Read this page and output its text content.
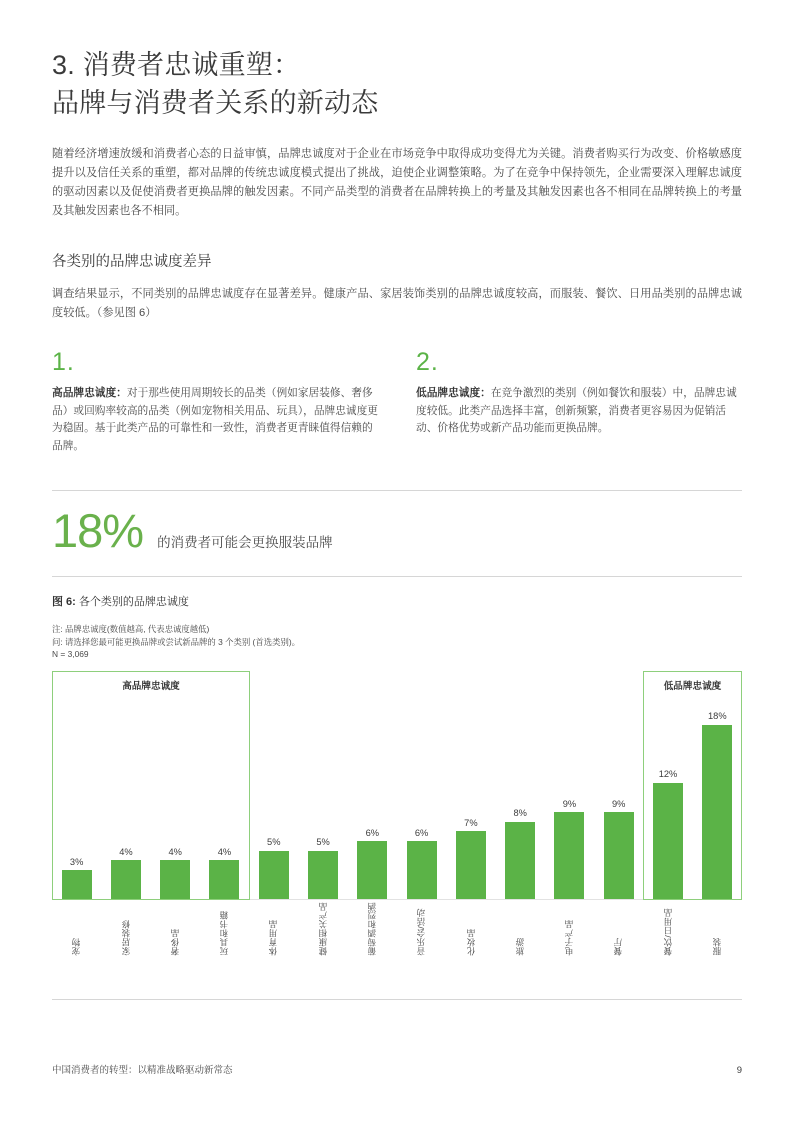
3. 消费者忠诚重塑：
品牌与消费者关系的新动态

随着经济增速放缓和消费者心态的日益审慎，品牌忠诚度对于企业在市场竞争中取得成功变得尤为关键。消费者购买行为改变、价格敏感度提升以及信任关系的重塑，都对品牌的传统忠诚度模式提出了挑战，迫使企业调整策略。为了在竞争中保持领先，企业需要深入理解忠诚度的驱动因素以及促使消费者更换品牌的触发因素。不同产品类型的消费者在品牌转换上的考量及其触发因素也各不相同在品牌转换上的考量及其触发因素也各不相同。

各类别的品牌忠诚度差异

调查结果显示，不同类别的品牌忠诚度存在显著差异。健康产品、家居装饰类别的品牌忠诚度较高，而服装、餐饮、日用品类别的品牌忠诚度较低。（参见图 6）

1.
高品牌忠诚度：对于那些使用周期较长的品类（例如家居装修、奢侈品）或回购率较高的品类（例如宠物相关用品、玩具），品牌忠诚度更为稳固。基于此类产品的可靠性和一致性，消费者更青睐值得信赖的品牌。
2.
低品牌忠诚度：在竞争激烈的类别（例如餐饮和服装）中，品牌忠诚度较低。此类产品选择丰富，创新频繁，消费者更容易因为促销活动、价格优势或新产品功能而更换品牌。
18% 的消费者可能会更换服装品牌
图 6: 各个类别的品牌忠诚度
注: 品牌忠诚度(数值越高, 代表忠诚度越低)
问: 请选择您最可能更换品牌或尝试新品牌的 3 个类别 (首选类别)。
N = 3,069
3%
4%	4%	4%
5%	5%
6%	6%
7%
8%
9%	9%
12%
18%
宠物	家居装修	奢侈品	玩具和书籍	体育用品	健康相关产品	葡萄酒和烈酒	音乐会/活动	化妆品	旅游	电子产品	餐厅	餐饮/日用品	服装
高品牌忠诚度	低品牌忠诚度
中国消费者的转型：以精准战略驱动新常态	9
